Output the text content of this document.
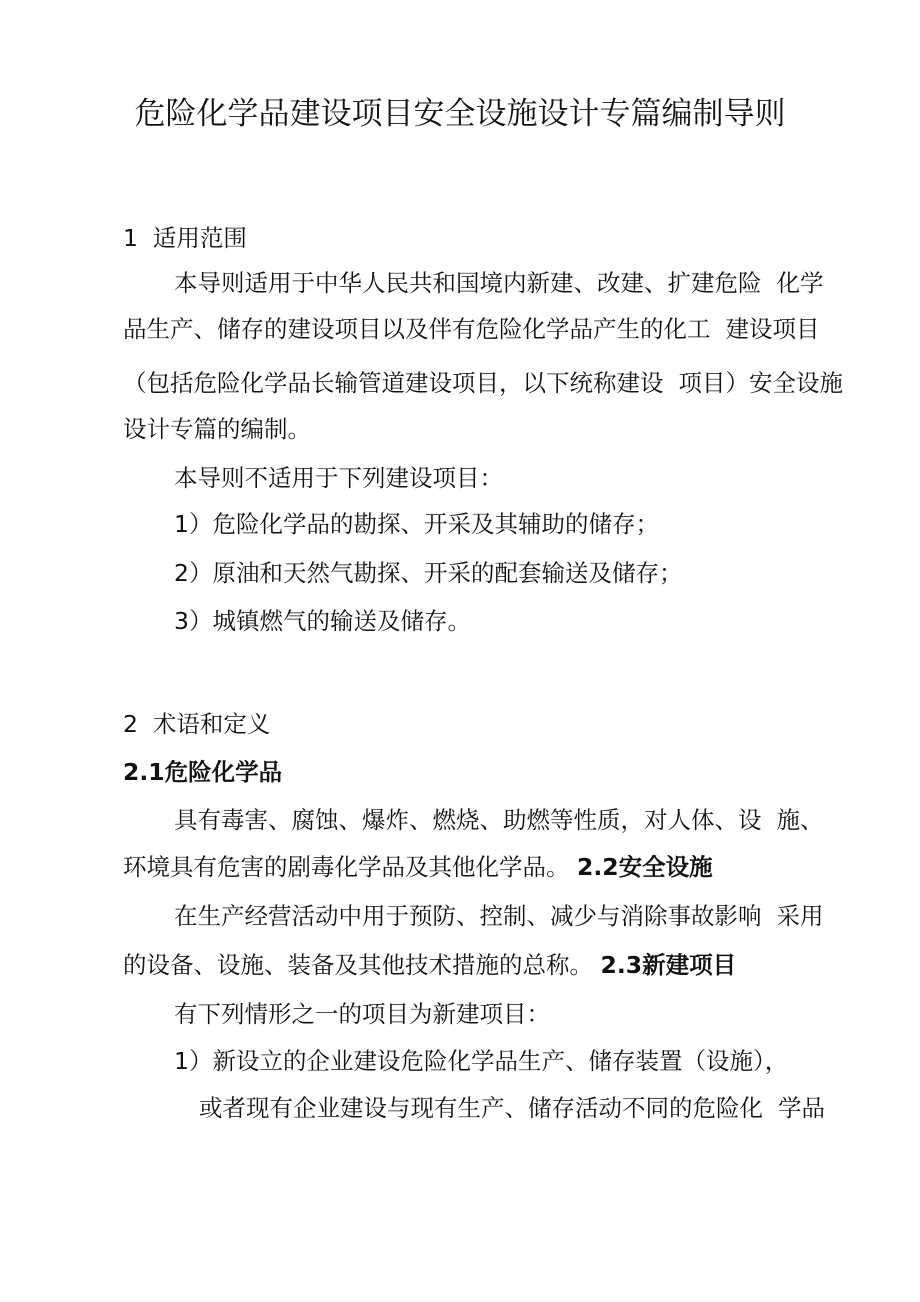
危险化学品建设项目安全设施设计专篇编制导则
1  适用范围
本导则适用于中华人民共和国境内新建、改建、扩建危险  化学
品生产、储存的建设项目以及伴有危险化学品产生的化工  建设项目
（包括危险化学品长输管道建设项目，以下统称建设  项目）安全设施
设计专篇的编制。
本导则不适用于下列建设项目：
1）危险化学品的勘探、开采及其辅助的储存；
2）原油和天然气勘探、开采的配套输送及储存；
3）城镇燃气的输送及储存。
2  术语和定义
2.1危险化学品
具有毒害、腐蚀、爆炸、燃烧、助燃等性质，对人体、设  施、
环境具有危害的剧毒化学品及其他化学品。 2.2安全设施
在生产经营活动中用于预防、控制、减少与消除事故影响  采用
的设备、设施、装备及其他技术措施的总称。 2.3新建项目
有下列情形之一的项目为新建项目：
1）新设立的企业建设危险化学品生产、储存装置（设施），
或者现有企业建设与现有生产、储存活动不同的危险化  学品
